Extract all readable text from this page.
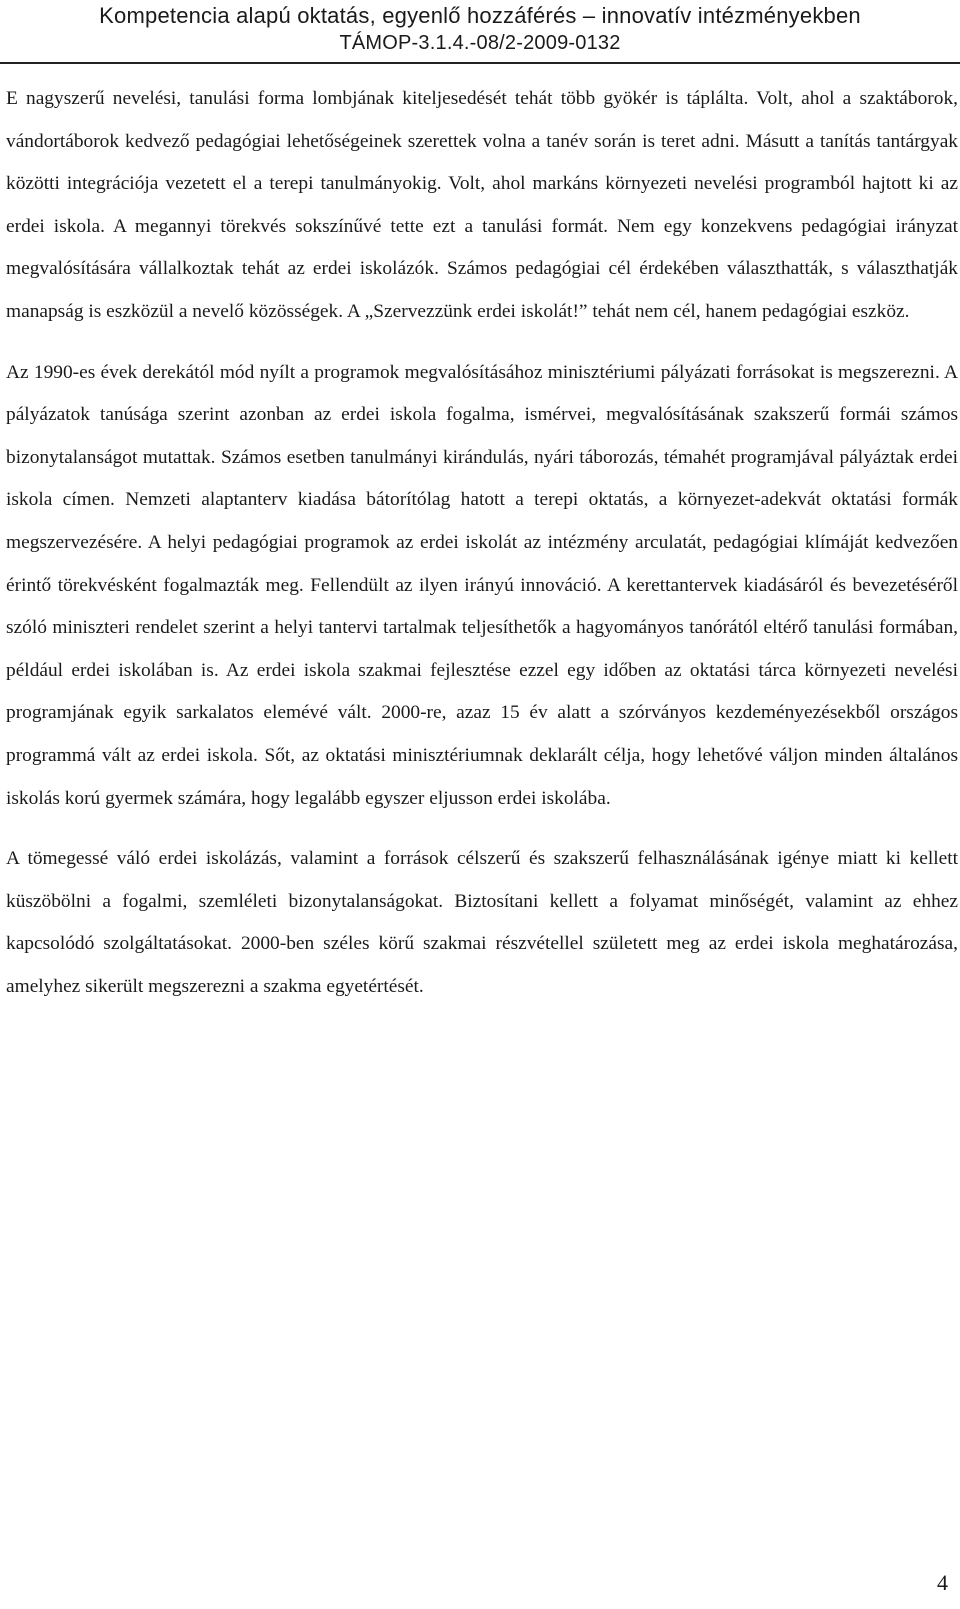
Kompetencia alapú oktatás, egyenlő hozzáférés – innovatív intézményekben
TÁMOP-3.1.4.-08/2-2009-0132

E nagyszerű nevelési, tanulási forma lombjának kiteljesedését tehát több gyökér is táplálta. Volt, ahol a szaktáborok, vándortáborok kedvező pedagógiai lehetőségeinek szerettek volna a tanév során is teret adni. Másutt a tanítás tantárgyak közötti integrációja vezetett el a terepi tanulmányokig. Volt, ahol markáns környezeti nevelési programból hajtott ki az erdei iskola. A megannyi törekvés sokszínűvé tette ezt a tanulási formát. Nem egy konzekvens pedagógiai irányzat megvalósítására vállalkoztak tehát az erdei iskolázók. Számos pedagógiai cél érdekében választhatták, s választhatják manapság is eszközül a nevelő közösségek. A „Szervezzünk erdei iskolát!” tehát nem cél, hanem pedagógiai eszköz.

Az 1990-es évek derekától mód nyílt a programok megvalósításához minisztériumi pályázati forrásokat is megszerezni. A pályázatok tanúsága szerint azonban az erdei iskola fogalma, ismérvei, megvalósításának szakszerű formái számos bizonytalanságot mutattak. Számos esetben tanulmányi kirándulás, nyári táborozás, témahét programjával pályáztak erdei iskola címen. Nemzeti alaptanterv kiadása bátorítólag hatott a terepi oktatás, a környezet-adekvát oktatási formák megszervezésére. A helyi pedagógiai programok az erdei iskolát az intézmény arculatát, pedagógiai klímáját kedvezően érintő törekvésként fogalmazták meg. Fellendült az ilyen irányú innováció. A kerettantervek kiadásáról és bevezetéséről szóló miniszteri rendelet szerint a helyi tantervi tartalmak teljesíthetők a hagyományos tanórától eltérő tanulási formában, például erdei iskolában is. Az erdei iskola szakmai fejlesztése ezzel egy időben az oktatási tárca környezeti nevelési programjának egyik sarkalatos elemévé vált. 2000-re, azaz 15 év alatt a szórványos kezdeményezésekből országos programmá vált az erdei iskola. Sőt, az oktatási minisztériumnak deklarált célja, hogy lehetővé váljon minden általános iskolás korú gyermek számára, hogy legalább egyszer eljusson erdei iskolába.

A tömegessé váló erdei iskolázás, valamint a források célszerű és szakszerű felhasználásának igénye miatt ki kellett küszöbölni a fogalmi, szemléleti bizonytalanságokat. Biztosítani kellett a folyamat minőségét, valamint az ehhez kapcsolódó szolgáltatásokat. 2000-ben széles körű szakmai részvétellel született meg az erdei iskola meghatározása, amelyhez sikerült megszerezni a szakma egyetértését.

4
